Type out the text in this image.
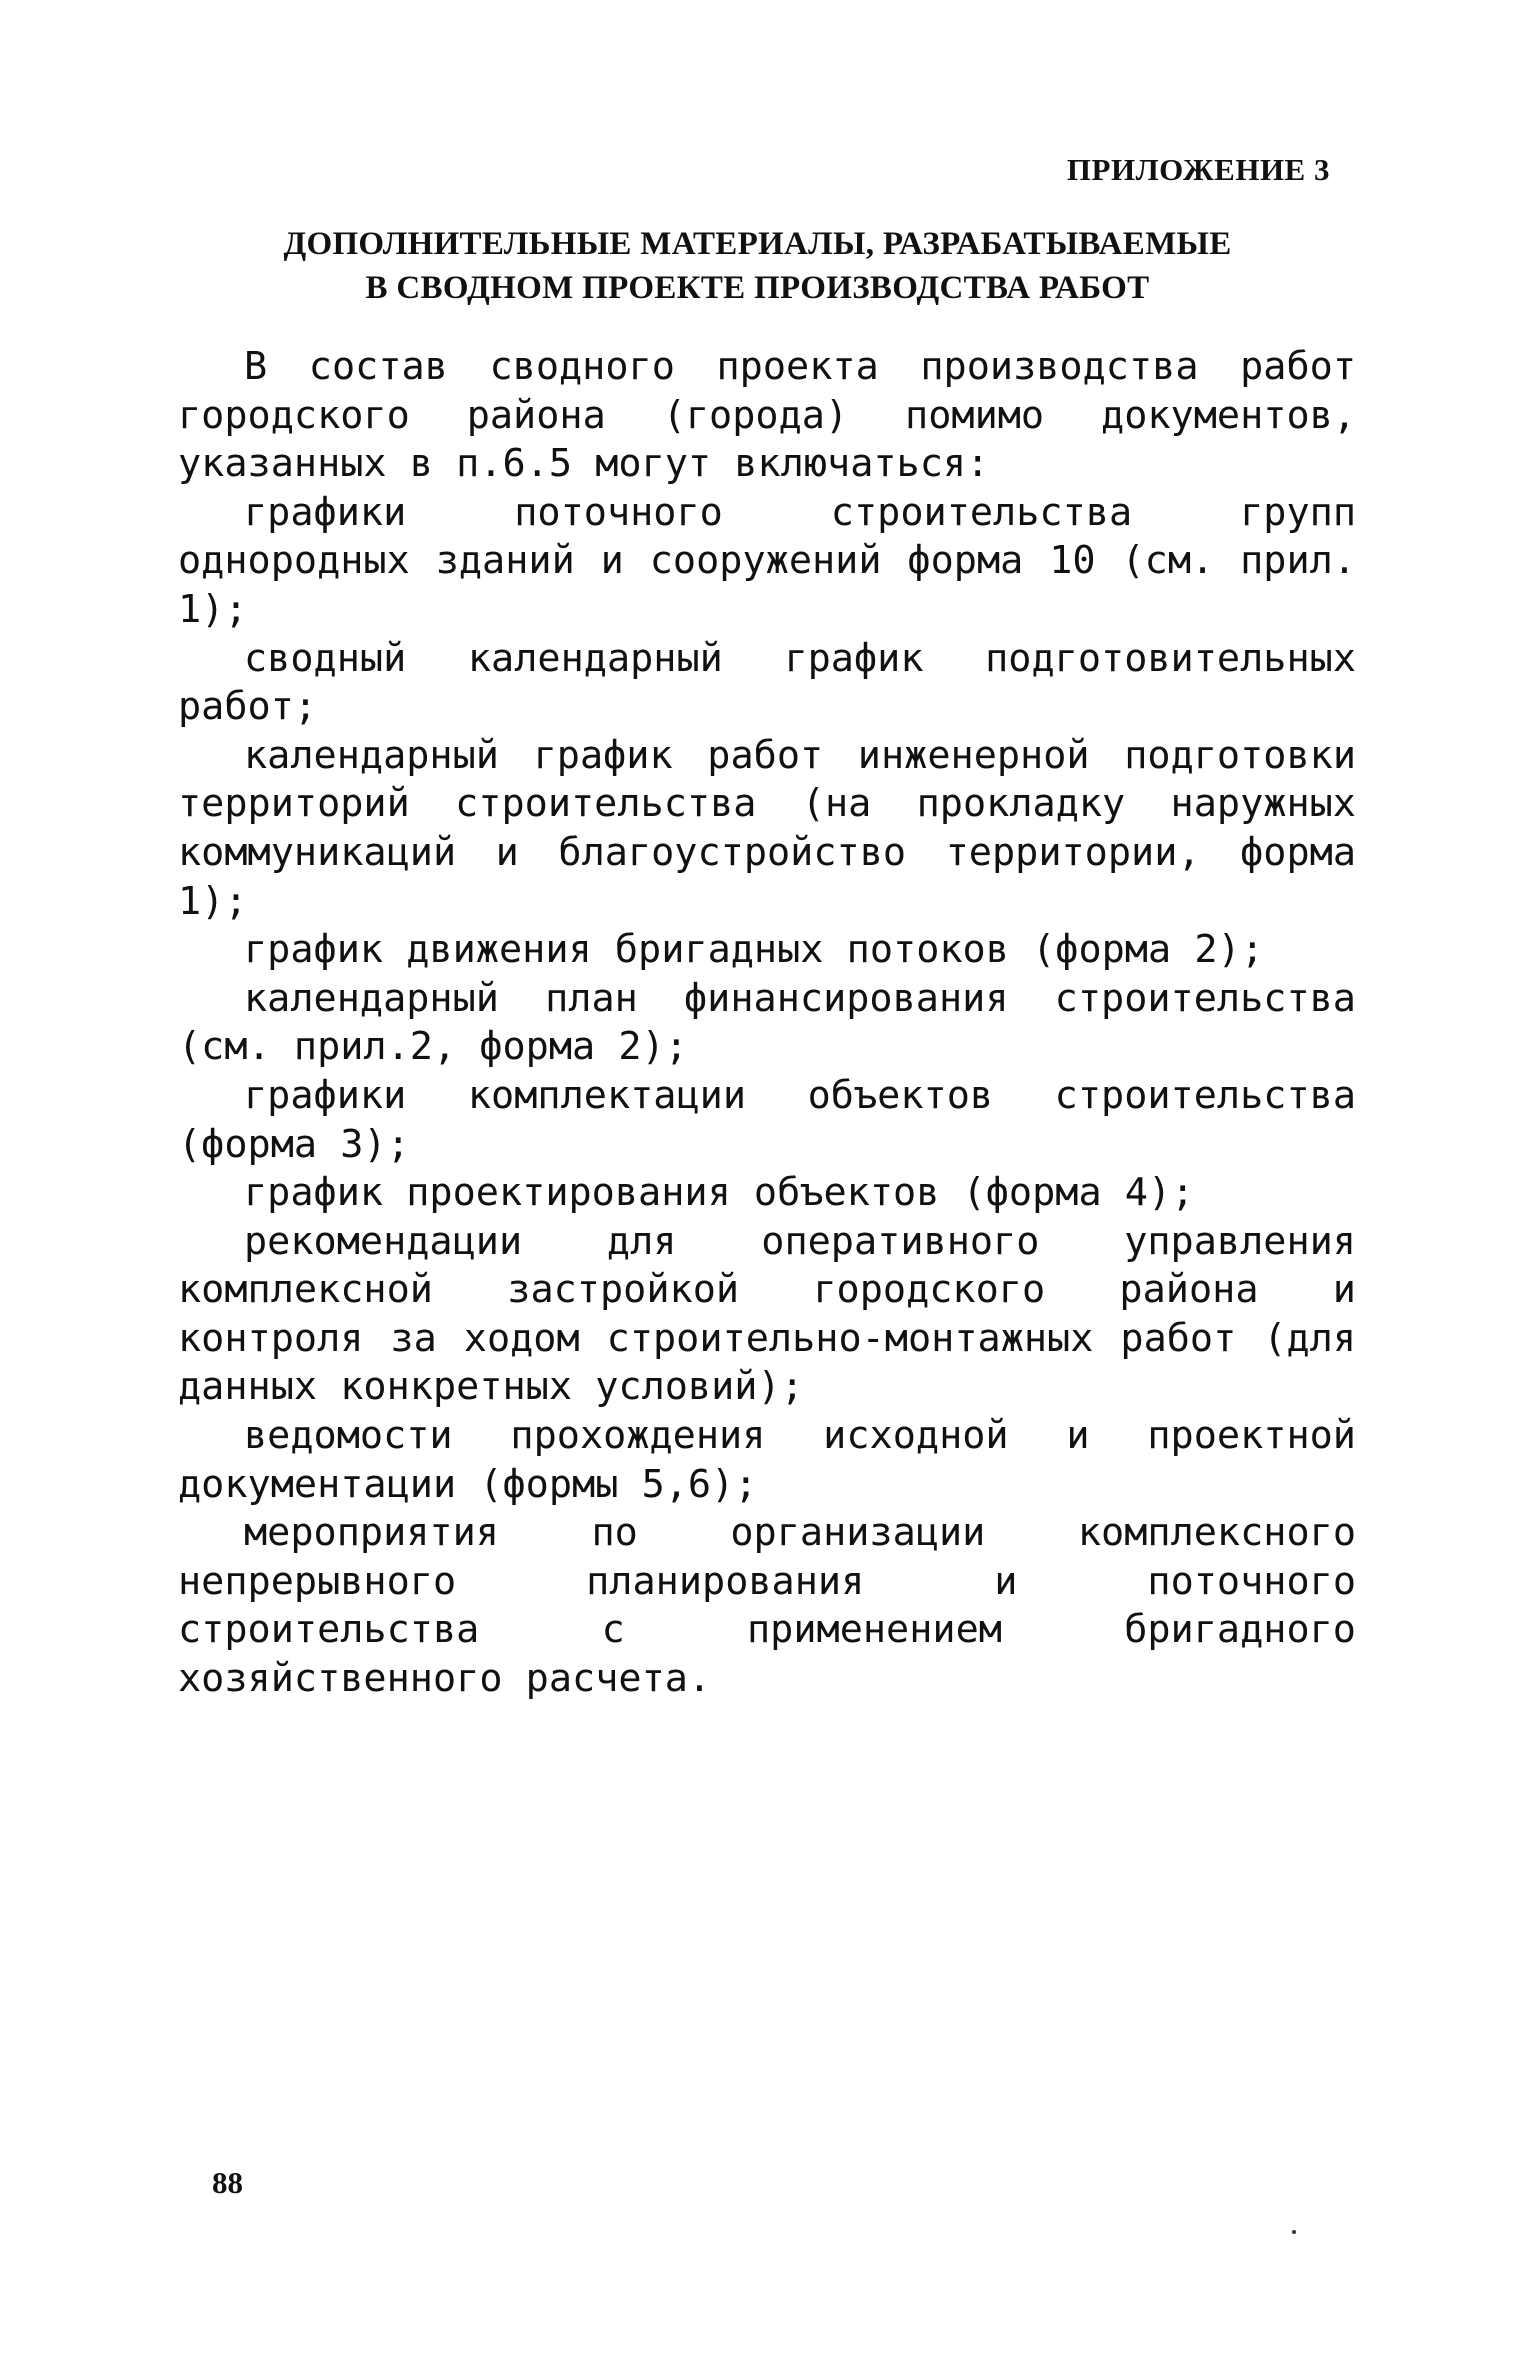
ПРИЛОЖЕНИЕ 3
ДОПОЛНИТЕЛЬНЫЕ МАТЕРИАЛЫ, РАЗРАБАТЫВАЕМЫЕ
В СВОДНОМ ПРОЕКТЕ ПРОИЗВОДСТВА РАБОТ

В состав сводного проекта производства работ городского района (города) помимо документов, указанных в п.6.5 могут включаться:

графики поточного строительства групп однородных зданий и сооружений форма 10 (см. прил. 1);

сводный календарный график подготовительных работ;

календарный график работ инженерной подготовки территорий строительства (на прокладку наружных коммуникаций и благоустройство территории, форма 1);

график движения бригадных потоков (форма 2);

календарный план финансирования строительства (см. прил.2, форма 2);

графики комплектации объектов строительства (форма 3);

график проектирования объектов (форма 4);

рекомендации для оперативного управления комплексной застройкой городского района и контроля за ходом строительно-монтажных работ (для данных конкретных условий);

ведомости прохождения исходной и проектной документации (формы 5,6);

мероприятия по организации комплексного непрерывного планирования и поточного строительства с применением бригадного хозяйственного расчета.

88
